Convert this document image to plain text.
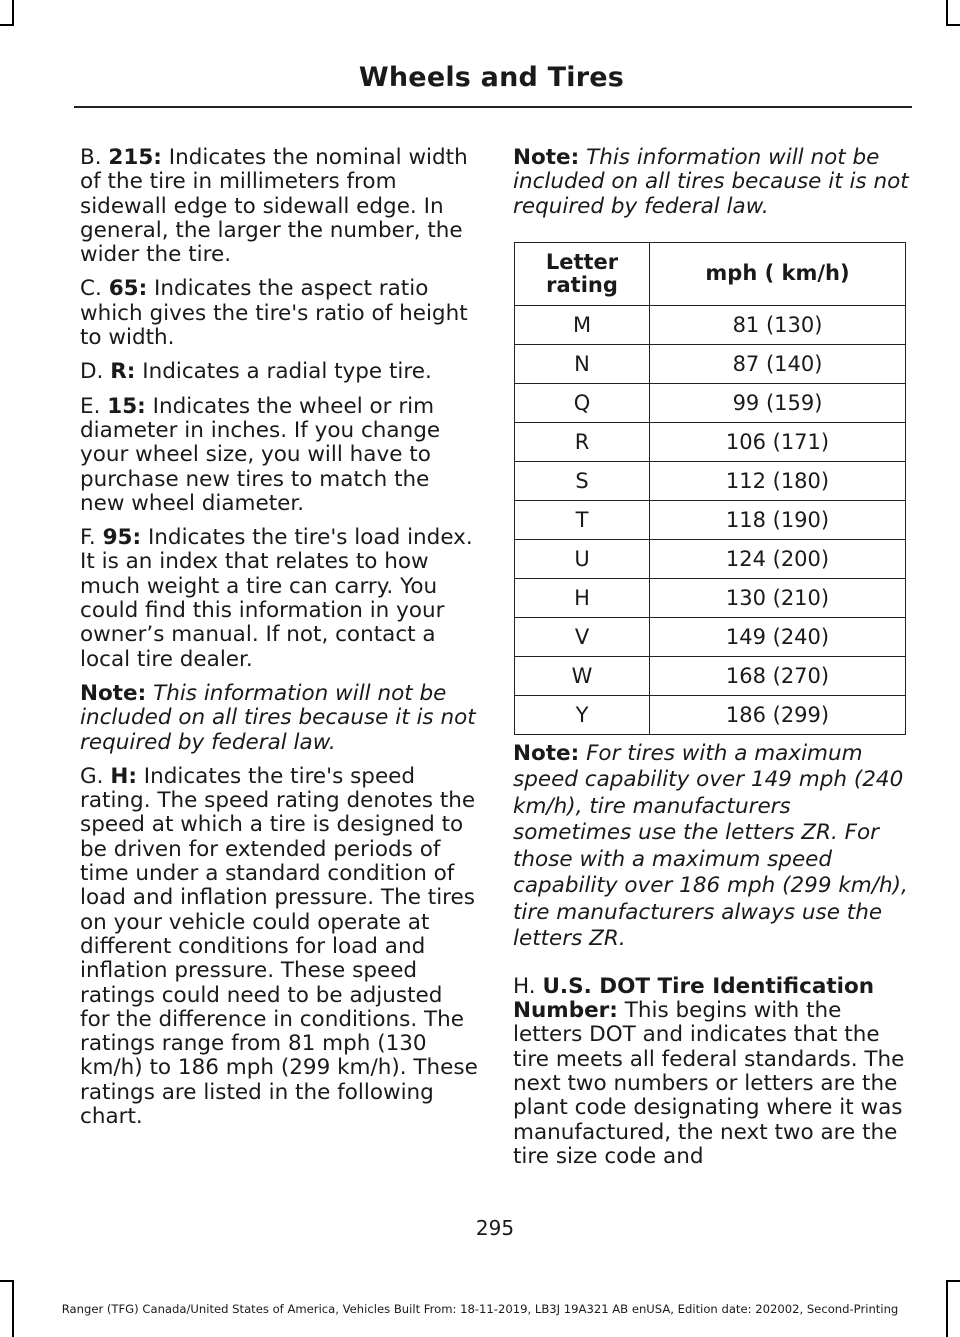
Wheels and Tires

B. 215: Indicates the nominal width of the tire in millimeters from sidewall edge to sidewall edge. In general, the larger the number, the wider the tire.

C. 65: Indicates the aspect ratio which gives the tire's ratio of height to width.

D. R: Indicates a radial type tire.

E. 15: Indicates the wheel or rim diameter in inches. If you change your wheel size, you will have to purchase new tires to match the new wheel diameter.

F. 95: Indicates the tire's load index. It is an index that relates to how much weight a tire can carry. You could find this information in your owner’s manual. If not, contact a local tire dealer.

Note: This information will not be included on all tires because it is not required by federal law.

G. H: Indicates the tire's speed rating. The speed rating denotes the speed at which a tire is designed to be driven for extended periods of time under a standard condition of load and inflation pressure. The tires on your vehicle could operate at different conditions for load and inflation pressure. These speed ratings could need to be adjusted for the difference in conditions. The ratings range from 81 mph (130 km/h) to 186 mph (299 km/h). These ratings are listed in the following chart.

Note: This information will not be included on all tires because it is not required by federal law.

Letter rating	mph ( km/h)
M	81 (130)
N	87 (140)
Q	99 (159)
R	106 (171)
S	112 (180)
T	118 (190)
U	124 (200)
H	130 (210)
V	149 (240)
W	168 (270)
Y	186 (299)

Note: For tires with a maximum speed capability over 149 mph (240 km/h), tire manufacturers sometimes use the letters ZR. For those with a maximum speed capability over 186 mph (299 km/h), tire manufacturers always use the letters ZR.

H. U.S. DOT Tire Identification Number: This begins with the letters DOT and indicates that the tire meets all federal standards. The next two numbers or letters are the plant code designating where it was manufactured, the next two are the tire size code and

295
Ranger (TFG) Canada/United States of America, Vehicles Built From: 18-11-2019, LB3J 19A321 AB enUSA, Edition date: 202002, Second-Printing
